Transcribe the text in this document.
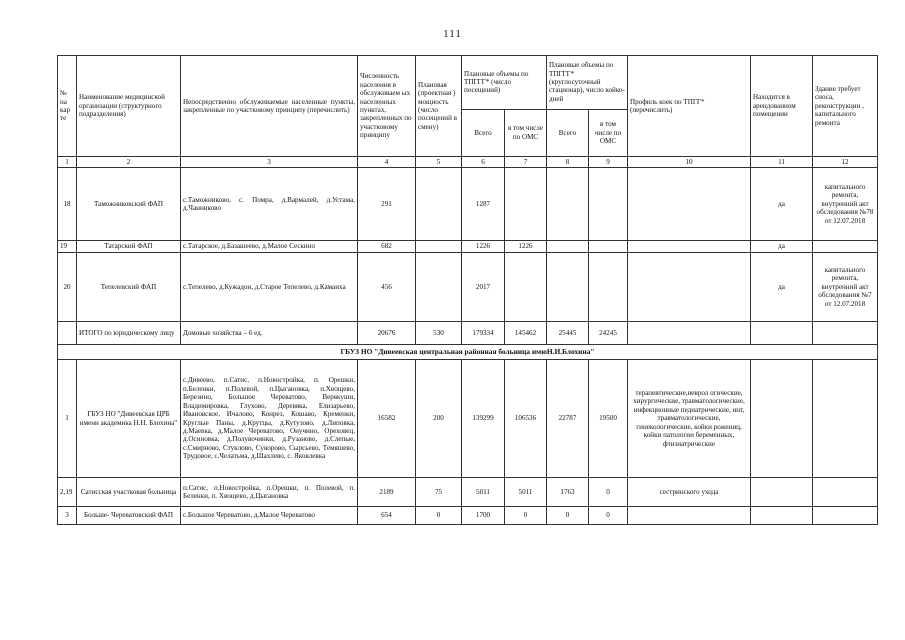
111
№ на кар те	Наименование медицинской организации (структурного подразделения)	Непосредственно обслуживаемые населенные пункты, закрепленные по участковому принципу (перечислить)	Численность населения в обслуживаем ых населенных пунктах, закрепленных по участковому принципу	Плановая (проектная ) мощность (число посещений в смену)	Плановые объемы по ТПГГГ* (число посещений)		Плановые объемы по ТПГГГ* (круглосуточный стационар), число койко-дней		Профиль коек по ТПГГ* (перечислить)	Находится в арендованном помещении	Здание требует сноса, реконструкции , капитального ремонта
					Всего	в том числе по ОМС	Всего	в том числе по ОМС			
1	2	3	4	5	6	7	8	9	10	11	12
18	Таможниковский ФАП	с.Таможниково, с. Помра, д.Вармалей, д.Устама, д.Чанниково	291		1287					да	капитального ремонта, внутренний акт обследования №78 от 12.07.2018
19	Татарский ФАП	с.Татарское, д.Базашеево, д.Малое Сескино	682		1226	1226				да	
20	Тепелевский ФАП	с.Тепелево, д.Кужадон, д.Старое Тепелево, д.Камаиха	456		2017					да	капитального ремонта, внутренний акт обследования №7 от 12.07.2018
	ИТОГО по юридическому лицу	Домовые хозяйства – 6 ед.	20676	530	179334	145462	25445	24245			
ГБУЗ НО "Дивеевская центральная районная больница имюН.И.Блохина"											
1	ГБУЗ НО "Дивеевская ЦРБ имени академика Н.Н. Блохина"	с.Дивеево, п.Сатис, п.Новостройка, п. Орешки, п.Беленки, п.Полевой, п.Цыгановка, п.Хвощево, Березино, Большое Череватово, Верякуши, Владимировка, Глухово, Деревяка, Елизарьево, Ивановское, Ичалово, Конрез, Кошаво, Кременки, Круглые Паны, д.Крутцы, д.Кутузово, д.Липовка, д.Маевка, д.Малое Череватово, Онучино, Ореховец, д.Осиновка, д.Полувочинки, д.Рузаново, д.Слепые, с.Смирново, Стуклово, Суворово, Сырсьево, Темяшево, Трудовое, с.Челатьма, д.Шахлево, с. Яковлевка	16582	200	139299	106536	22787	19500	терапевтические,неврол огические, хирургические, травматологические, инфекционные педиатрические, инт, травматологические, гинекологические, койки рожениц, койки патологии беременных, фтизиатрические		
2,19	Сатисская участковая больница	п.Сатис, п.Новостройка, п.Орешки, п. Полевой, п. Беленки, п. Хвощево, д.Цыгановка	2189	75	5011	5011	1763	0	сестринского ухода		
3	Больше- Череватовский ФАП	с.Большое Череватово, д.Малое Череватово	654	0	1700	0	0	0			
